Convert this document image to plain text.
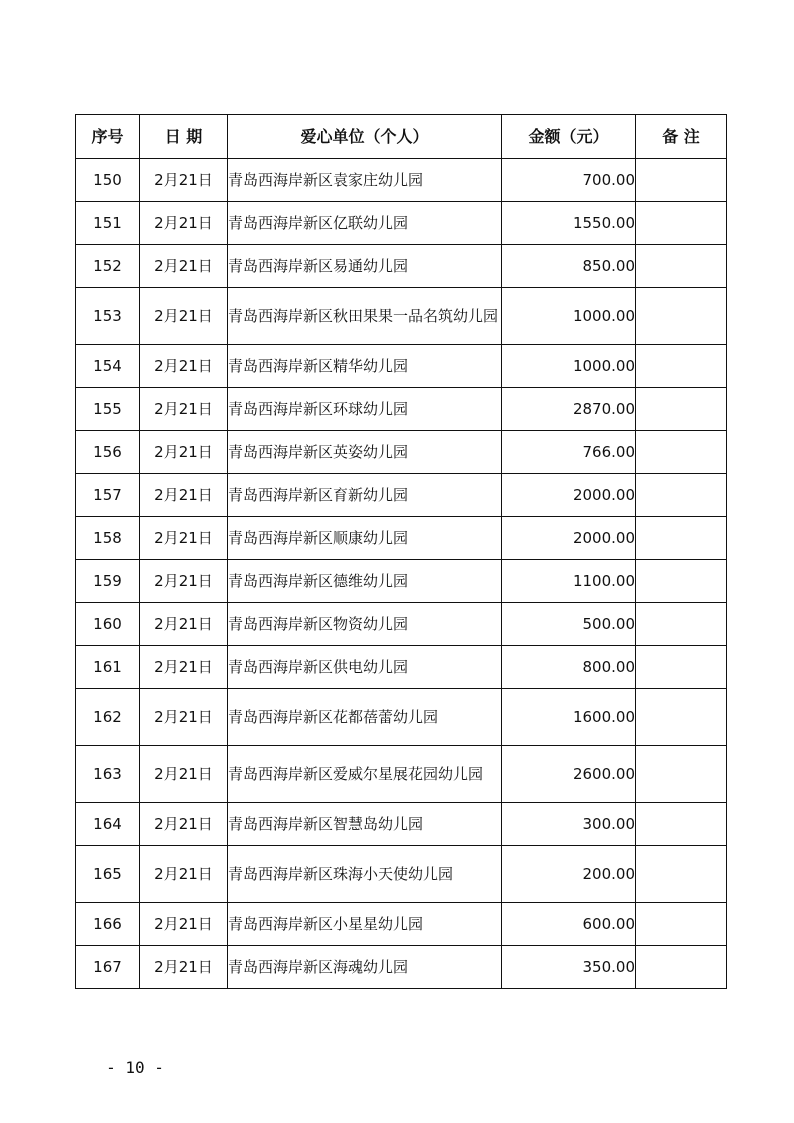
序号	日 期	爱心单位（个人）	金额（元）	备 注
150	2月21日	青岛西海岸新区袁家庄幼儿园	700.00	
151	2月21日	青岛西海岸新区亿联幼儿园	1550.00	
152	2月21日	青岛西海岸新区易通幼儿园	850.00	
153	2月21日	青岛西海岸新区秋田果果一品名筑幼儿园	1000.00	
154	2月21日	青岛西海岸新区精华幼儿园	1000.00	
155	2月21日	青岛西海岸新区环球幼儿园	2870.00	
156	2月21日	青岛西海岸新区英姿幼儿园	766.00	
157	2月21日	青岛西海岸新区育新幼儿园	2000.00	
158	2月21日	青岛西海岸新区顺康幼儿园	2000.00	
159	2月21日	青岛西海岸新区德维幼儿园	1100.00	
160	2月21日	青岛西海岸新区物资幼儿园	500.00	
161	2月21日	青岛西海岸新区供电幼儿园	800.00	
162	2月21日	青岛西海岸新区花都蓓蕾幼儿园	1600.00	
163	2月21日	青岛西海岸新区爱威尔星展花园幼儿园	2600.00	
164	2月21日	青岛西海岸新区智慧岛幼儿园	300.00	
165	2月21日	青岛西海岸新区珠海小天使幼儿园	200.00	
166	2月21日	青岛西海岸新区小星星幼儿园	600.00	
167	2月21日	青岛西海岸新区海魂幼儿园	350.00	
- 10 -
